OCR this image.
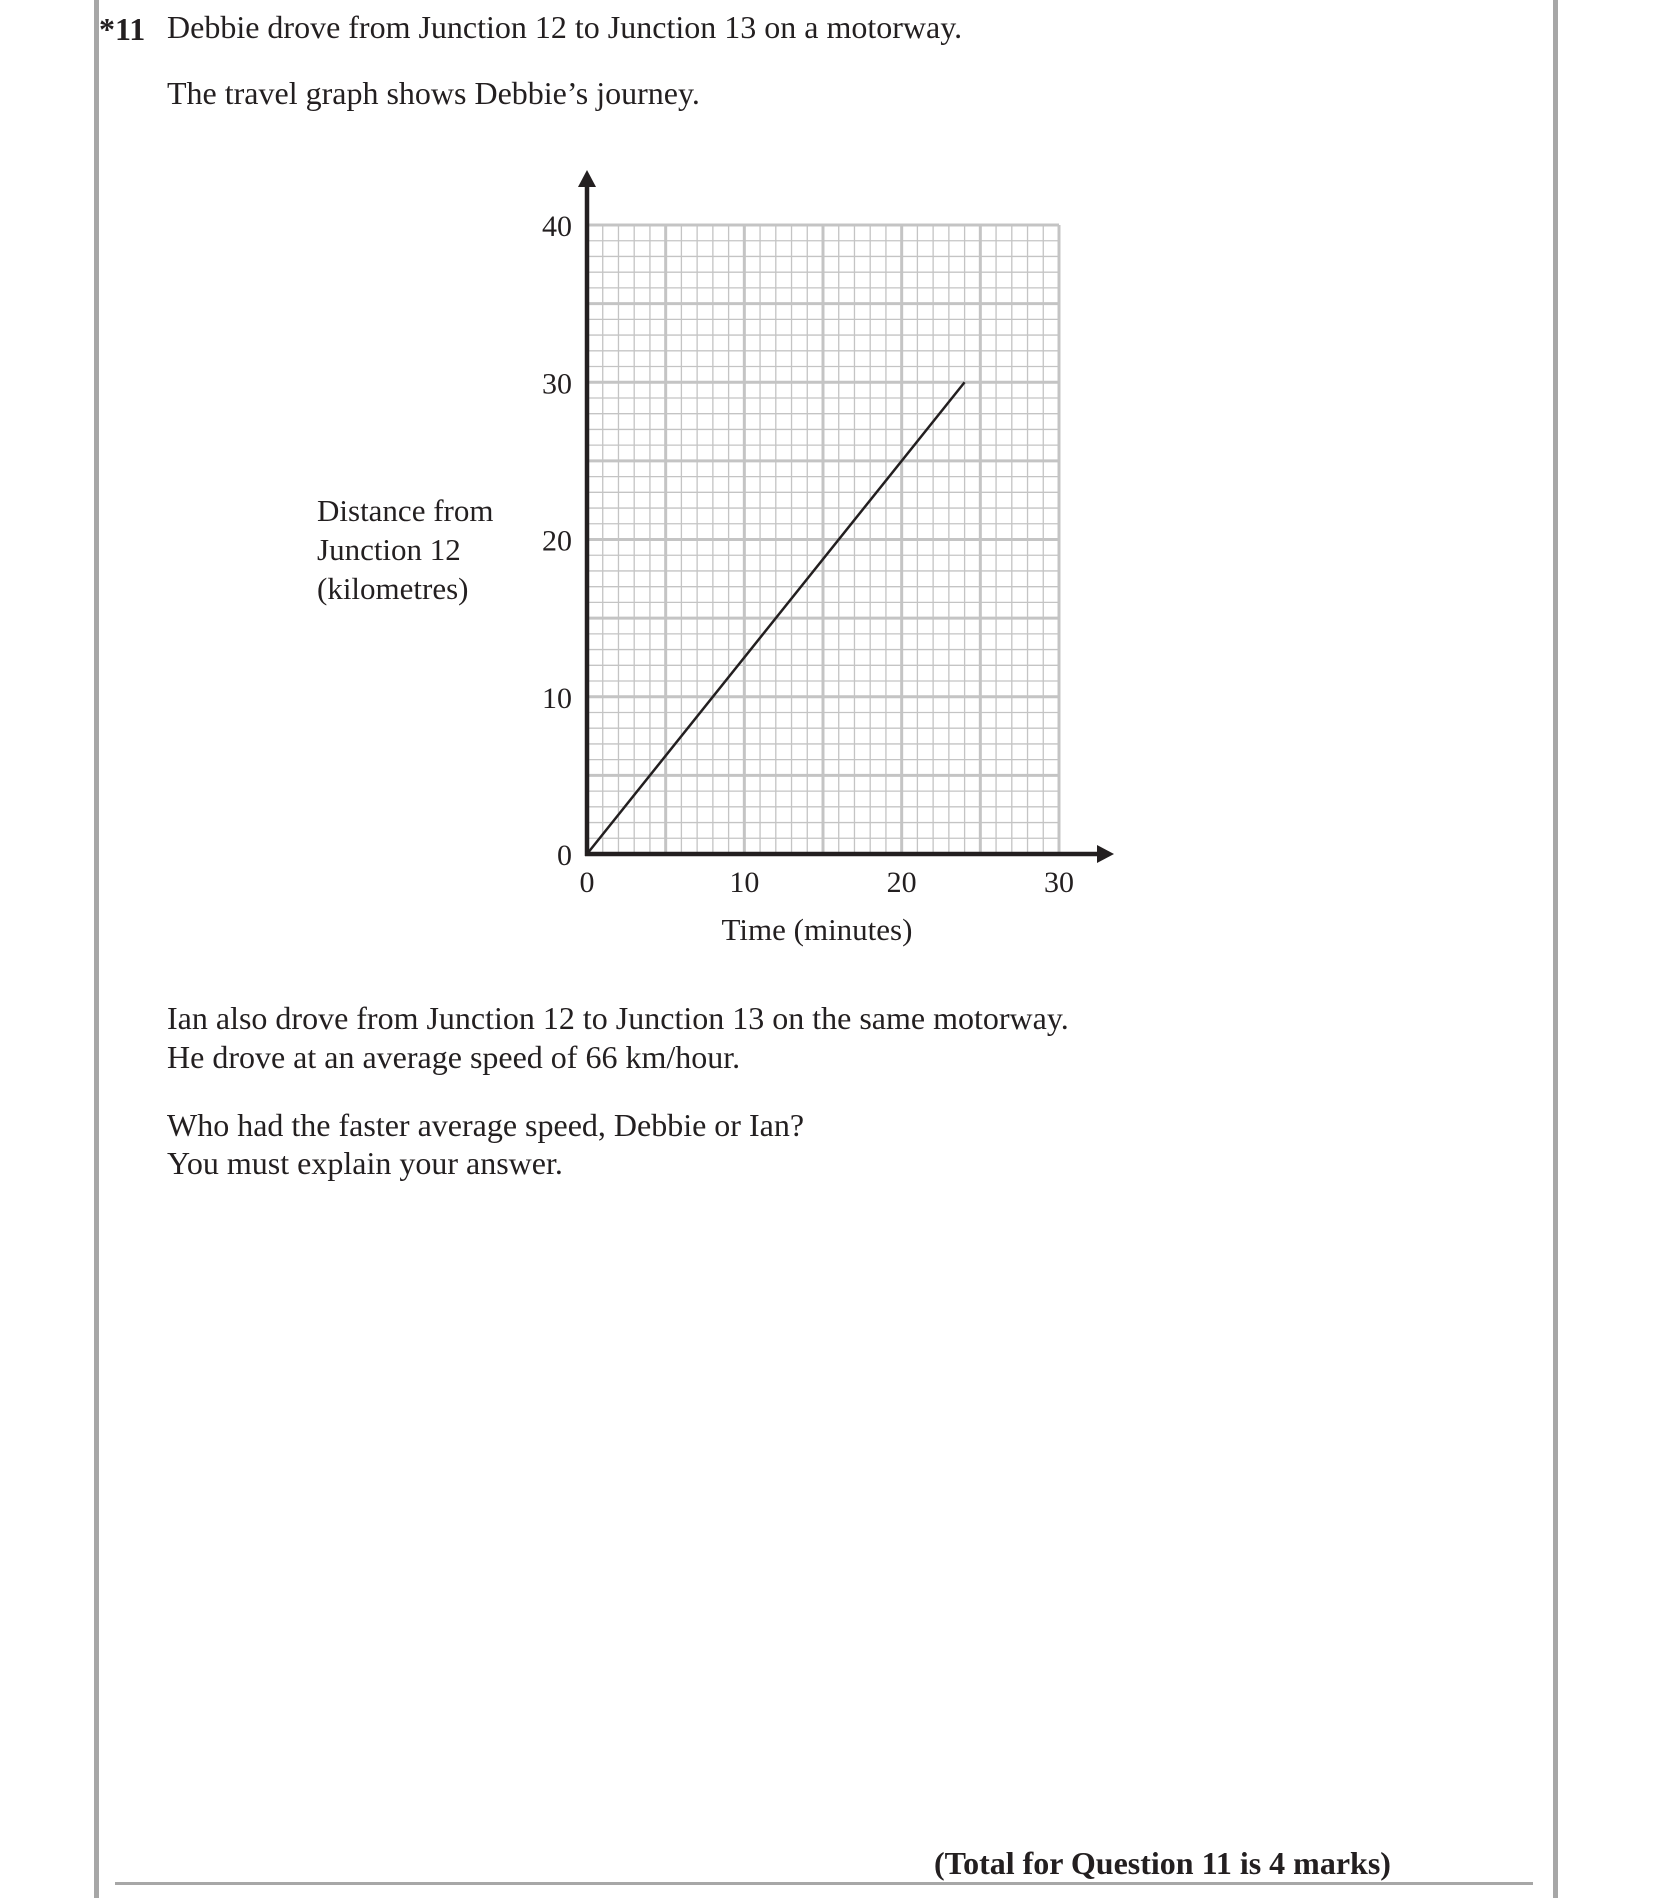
*11 Debbie drove from Junction 12 to Junction 13 on a motorway.
The travel graph shows Debbie’s journey.
Distance from
Junction 12
(kilometres)
0
10
20
30
40
0	10	20	30
Time (minutes)
Ian also drove from Junction 12 to Junction 13 on the same motorway.
He drove at an average speed of 66 km/hour.
Who had the faster average speed, Debbie or Ian?
You must explain your answer.
(Total for Question 11 is 4 marks)
